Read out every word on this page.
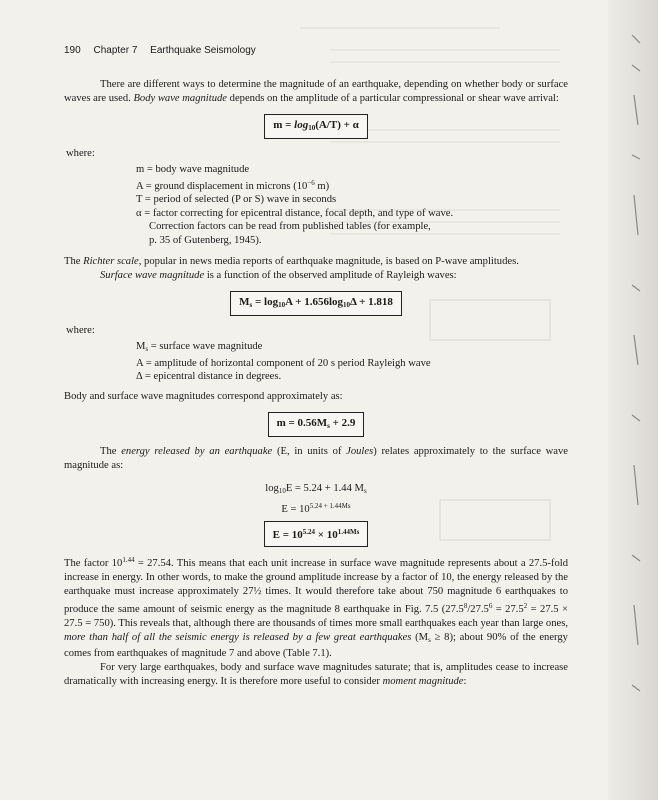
190 Chapter 7 Earthquake Seismology

There are different ways to determine the magnitude of an earthquake, depending on whether body or surface waves are used. Body wave magnitude depends on the amplitude of a particular compressional or shear wave arrival:

$m = \log_{10}(A/T) + \alpha$
where:
m = body wave magnitude
A = ground displacement in microns ($10^{-6}$ m)
T = period of selected (P or S) wave in seconds
α = factor correcting for epicentral distance, focal depth, and type of wave.
Correction factors can be read from published tables (for example,
p. 35 of Gutenberg, 1945).

The Richter scale, popular in news media reports of earthquake magnitude, is based on P-wave amplitudes.

Surface wave magnitude is a function of the observed amplitude of Rayleigh waves:

$M_s = \log_{10}A + 1.656\log_{10}\Delta + 1.818$
where:
$M_s$ = surface wave magnitude
A = amplitude of horizontal component of 20 s period Rayleigh wave
Δ = epicentral distance in degrees.

Body and surface wave magnitudes correspond approximately as:

$m = 0.56M_s + 2.9$

The energy released by an earthquake (E, in units of Joules) relates approximately to the surface wave magnitude as:

$\log_{10}E = 5.24 + 1.44$ $M_s$
$E = 10^{5.24 + 1.44Ms}$
$E = 10^{5.24} \times 10^{1.44Ms}$

The factor $10^{1.44} = 27.54$. This means that each unit increase in surface wave magnitude represents about a 27.5-fold increase in energy. In other words, to make the ground amplitude increase by a factor of 10, the energy released by the earthquake must increase approximately 27½ times. It would therefore take about 750 magnitude 6 earthquakes to produce the same amount of seismic energy as the magnitude 8 earthquake in Fig. 7.5 $(27.5^8/27.5^6 = 27.5^2 = 27.5 \times 27.5 = 750)$. This reveals that, although there are thousands of times more small earthquakes each year than large ones, more than half of all the seismic energy is released by a few great earthquakes $(M_s \ge 8)$; about 90% of the energy comes from earthquakes of magnitude 7 and above (Table 7.1).

For very large earthquakes, body and surface wave magnitudes saturate; that is, amplitudes cease to increase dramatically with increasing energy. It is therefore more useful to consider moment magnitude:
